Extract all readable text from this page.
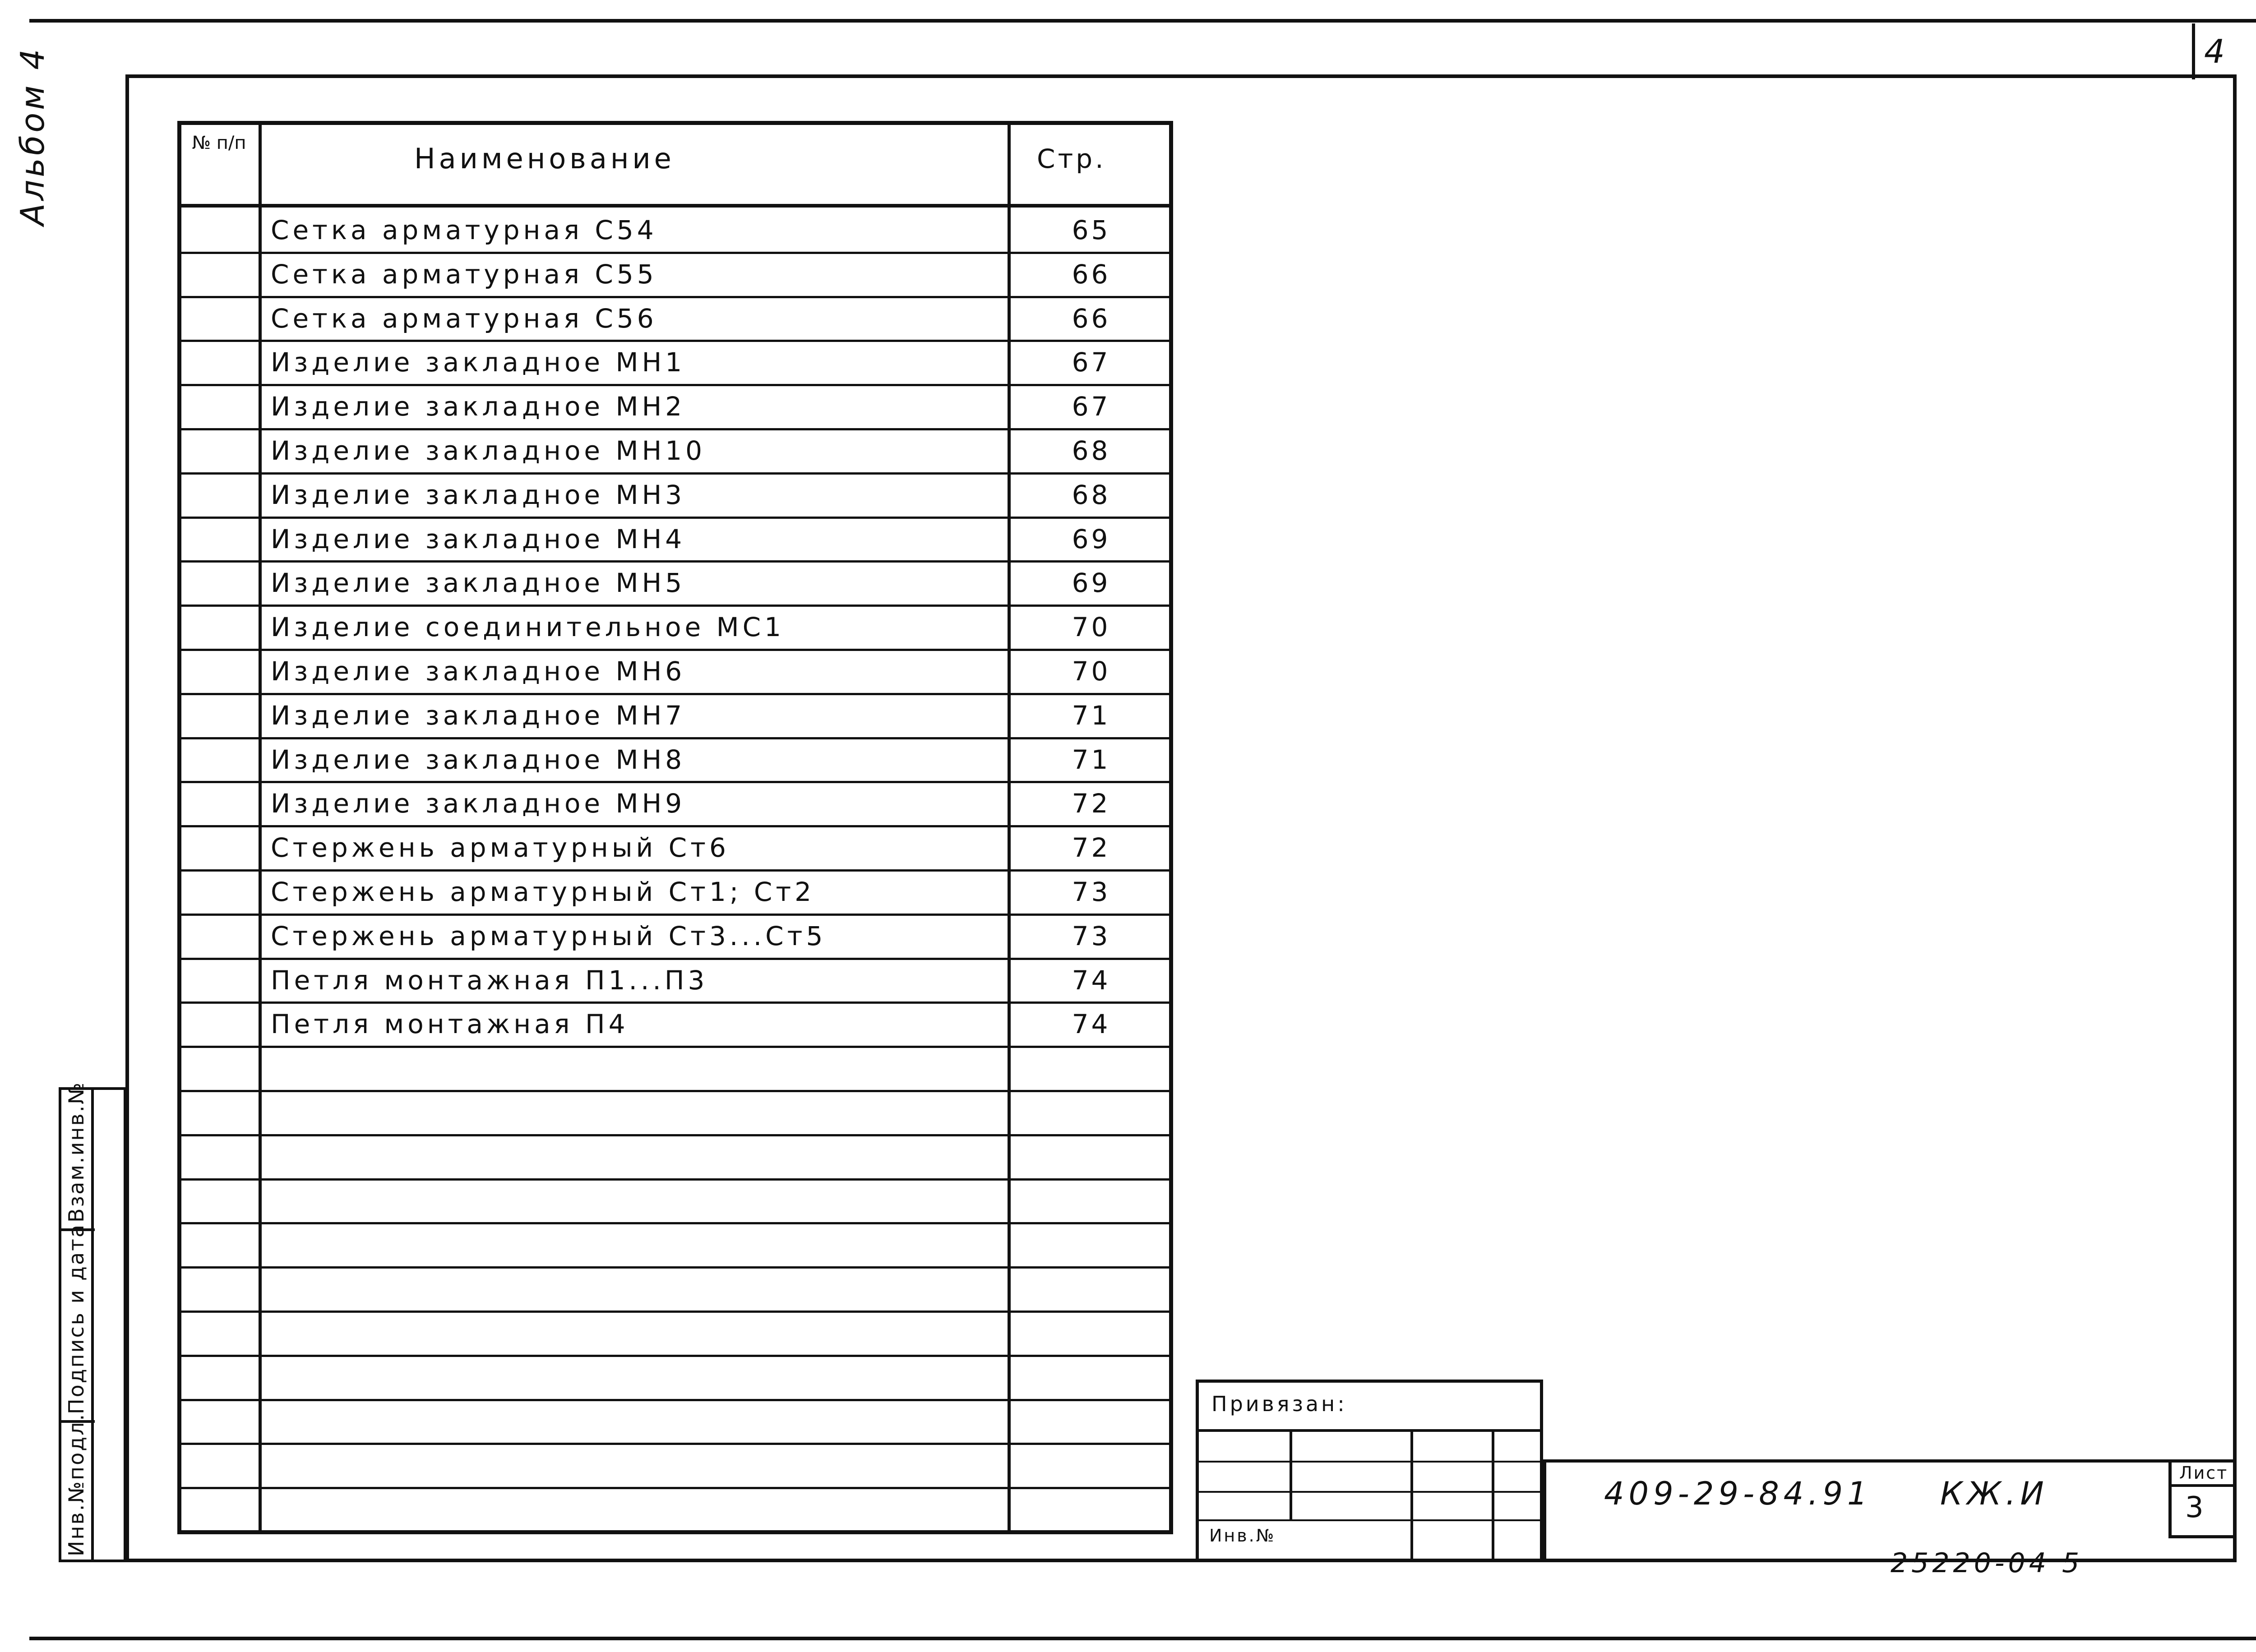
4
Альбом 4
Взам.инв.№
Подпись и дата
Инв.№подл.
№ п/п	Наименование	Стр.
Сетка арматурная С54	65
Сетка арматурная С55	66
Сетка арматурная С56	66
Изделие закладное МН1	67
Изделие закладное МН2	67
Изделие закладное МН10	68
Изделие закладное МН3	68
Изделие закладное МН4	69
Изделие закладное МН5	69
Изделие соединительное МС1	70
Изделие закладное МН6	70
Изделие закладное МН7	71
Изделие закладное МН8	71
Изделие закладное МН9	72
Стержень арматурный Ст6	72
Стержень арматурный Ст1; Ст2	73
Стержень арматурный Ст3...Ст5	73
Петля монтажная П1...П3	74
Петля монтажная П4	74
Привязан:
Инв.№
409-29-84.91 КЖ.И
Лист
3
25220-04 5
